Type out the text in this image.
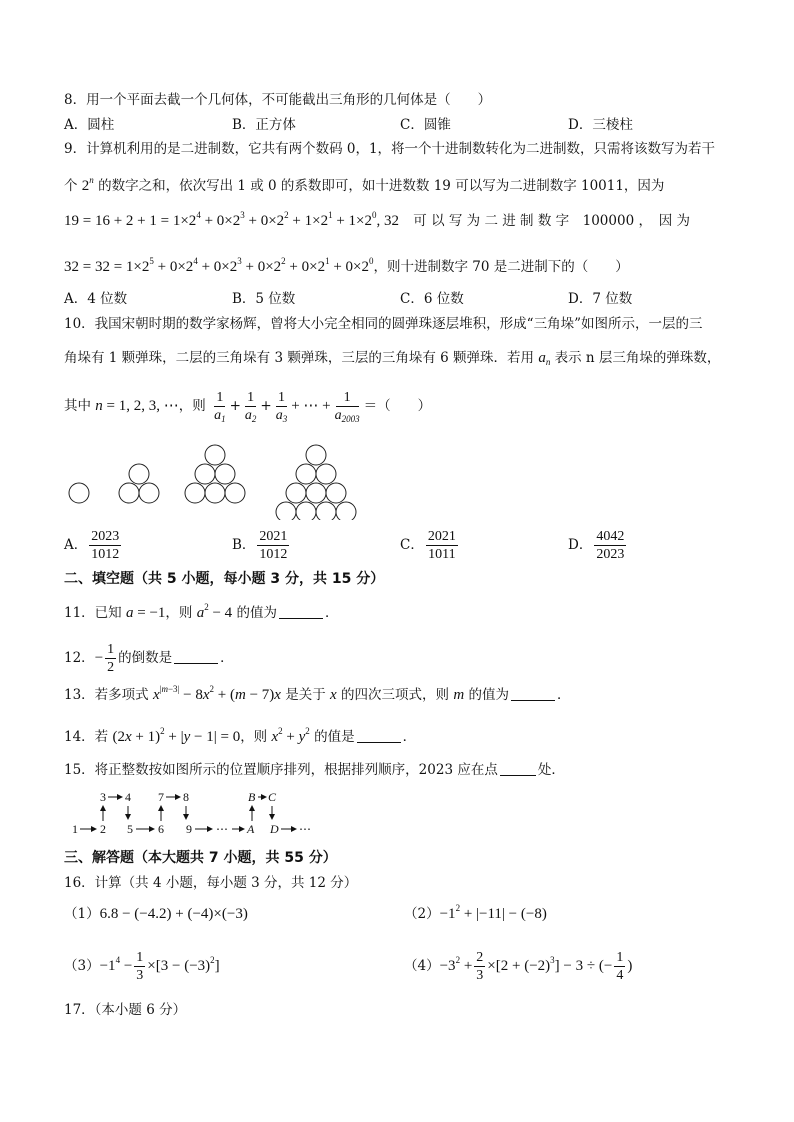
8．用一个平面去截一个几何体，不可能截出三角形的几何体是（　　）
A．圆柱	B．正方体	C．圆锥	D．三棱柱
9．计算机利用的是二进制数，它共有两个数码 0，1，将一个十进制数转化为二进制数，只需将该数写为若干
个 2$^n$ 的数字之和，依次写出 1 或 0 的系数即可，如十进数数 19 可以写为二进制数字 10011，因为
$19 = 16 + 2 + 1 = 1\times 2^4 + 0\times 2^3 + 0\times 2^2 + 1\times 2^1 + 1\times 2^0$, 32 可 以 写 为 二 进 制 数 字　100000 ，　因 为
$32 = 32 = 1\times 2^5 + 0\times 2^4 + 0\times 2^3 + 0\times 2^2 + 0\times 2^1 + 0\times 2^0$，则十进制数字 70 是二进制下的（　　）
A．4 位数	B．5 位数	C．6 位数	D．7 位数
10．我国宋朝时期的数学家杨辉，曾将大小完全相同的圆弹珠逐层堆积，形成“三角垛”如图所示，一层的三
角垛有 1 颗弹珠，二层的三角垛有 3 颗弹珠，三层的三角垛有 6 颗弹珠．若用 $a_n$ 表示 n 层三角垛的弹珠数，
其中 n = 1, 2, 3, ⋯，则 $\frac{1}{a_1} + \frac{1}{a_2} + \frac{1}{a_3}$ + ⋯ + $\frac{1}{a_{2003}}$ ＝（　　）
A． $\frac{2023}{1012}$	B． $\frac{2021}{1012}$	C． $\frac{2021}{1011}$	D． $\frac{4042}{2023}$
二、填空题（共 5 小题，每小题 3 分，共 15 分）
11．已知 a = −1，则 $a^2 - 4$ 的值为	．
12．− $\frac{1}{2}$ 的倒数是	．
13．若多项式 $x^{|m-3|} - 8x^2 + (m - 7)x$ 是关于 x 的四次三项式，则 m 的值为	．
14．若 $(2x + 1)^2 + |y - 1| = 0$，则 $x^2 + y^2$ 的值是	．
15．将正整数按如图所示的位置顺序排列，根据排列顺序，2023 应在点	处．
3 4 7 8	B C
1 2 5 6 9 ⋯ A D ⋯
三、解答题（本大题共 7 小题，共 55 分）
16．计算（共 4 小题，每小题 3 分，共 12 分）
（1）6.8 − (−4.2) + (−4)×(−3)	$(2)-1^2 + |-11| - (-8)$
$(3)-1^4 - \frac{1}{3} \times[3 - (-3)^2]$	$(4)-3^2 + \frac{2}{3} \times[2 + (-2)^3] - 3$ ÷ (− $\frac{1}{4}$ )
17．（本小题 6 分）
